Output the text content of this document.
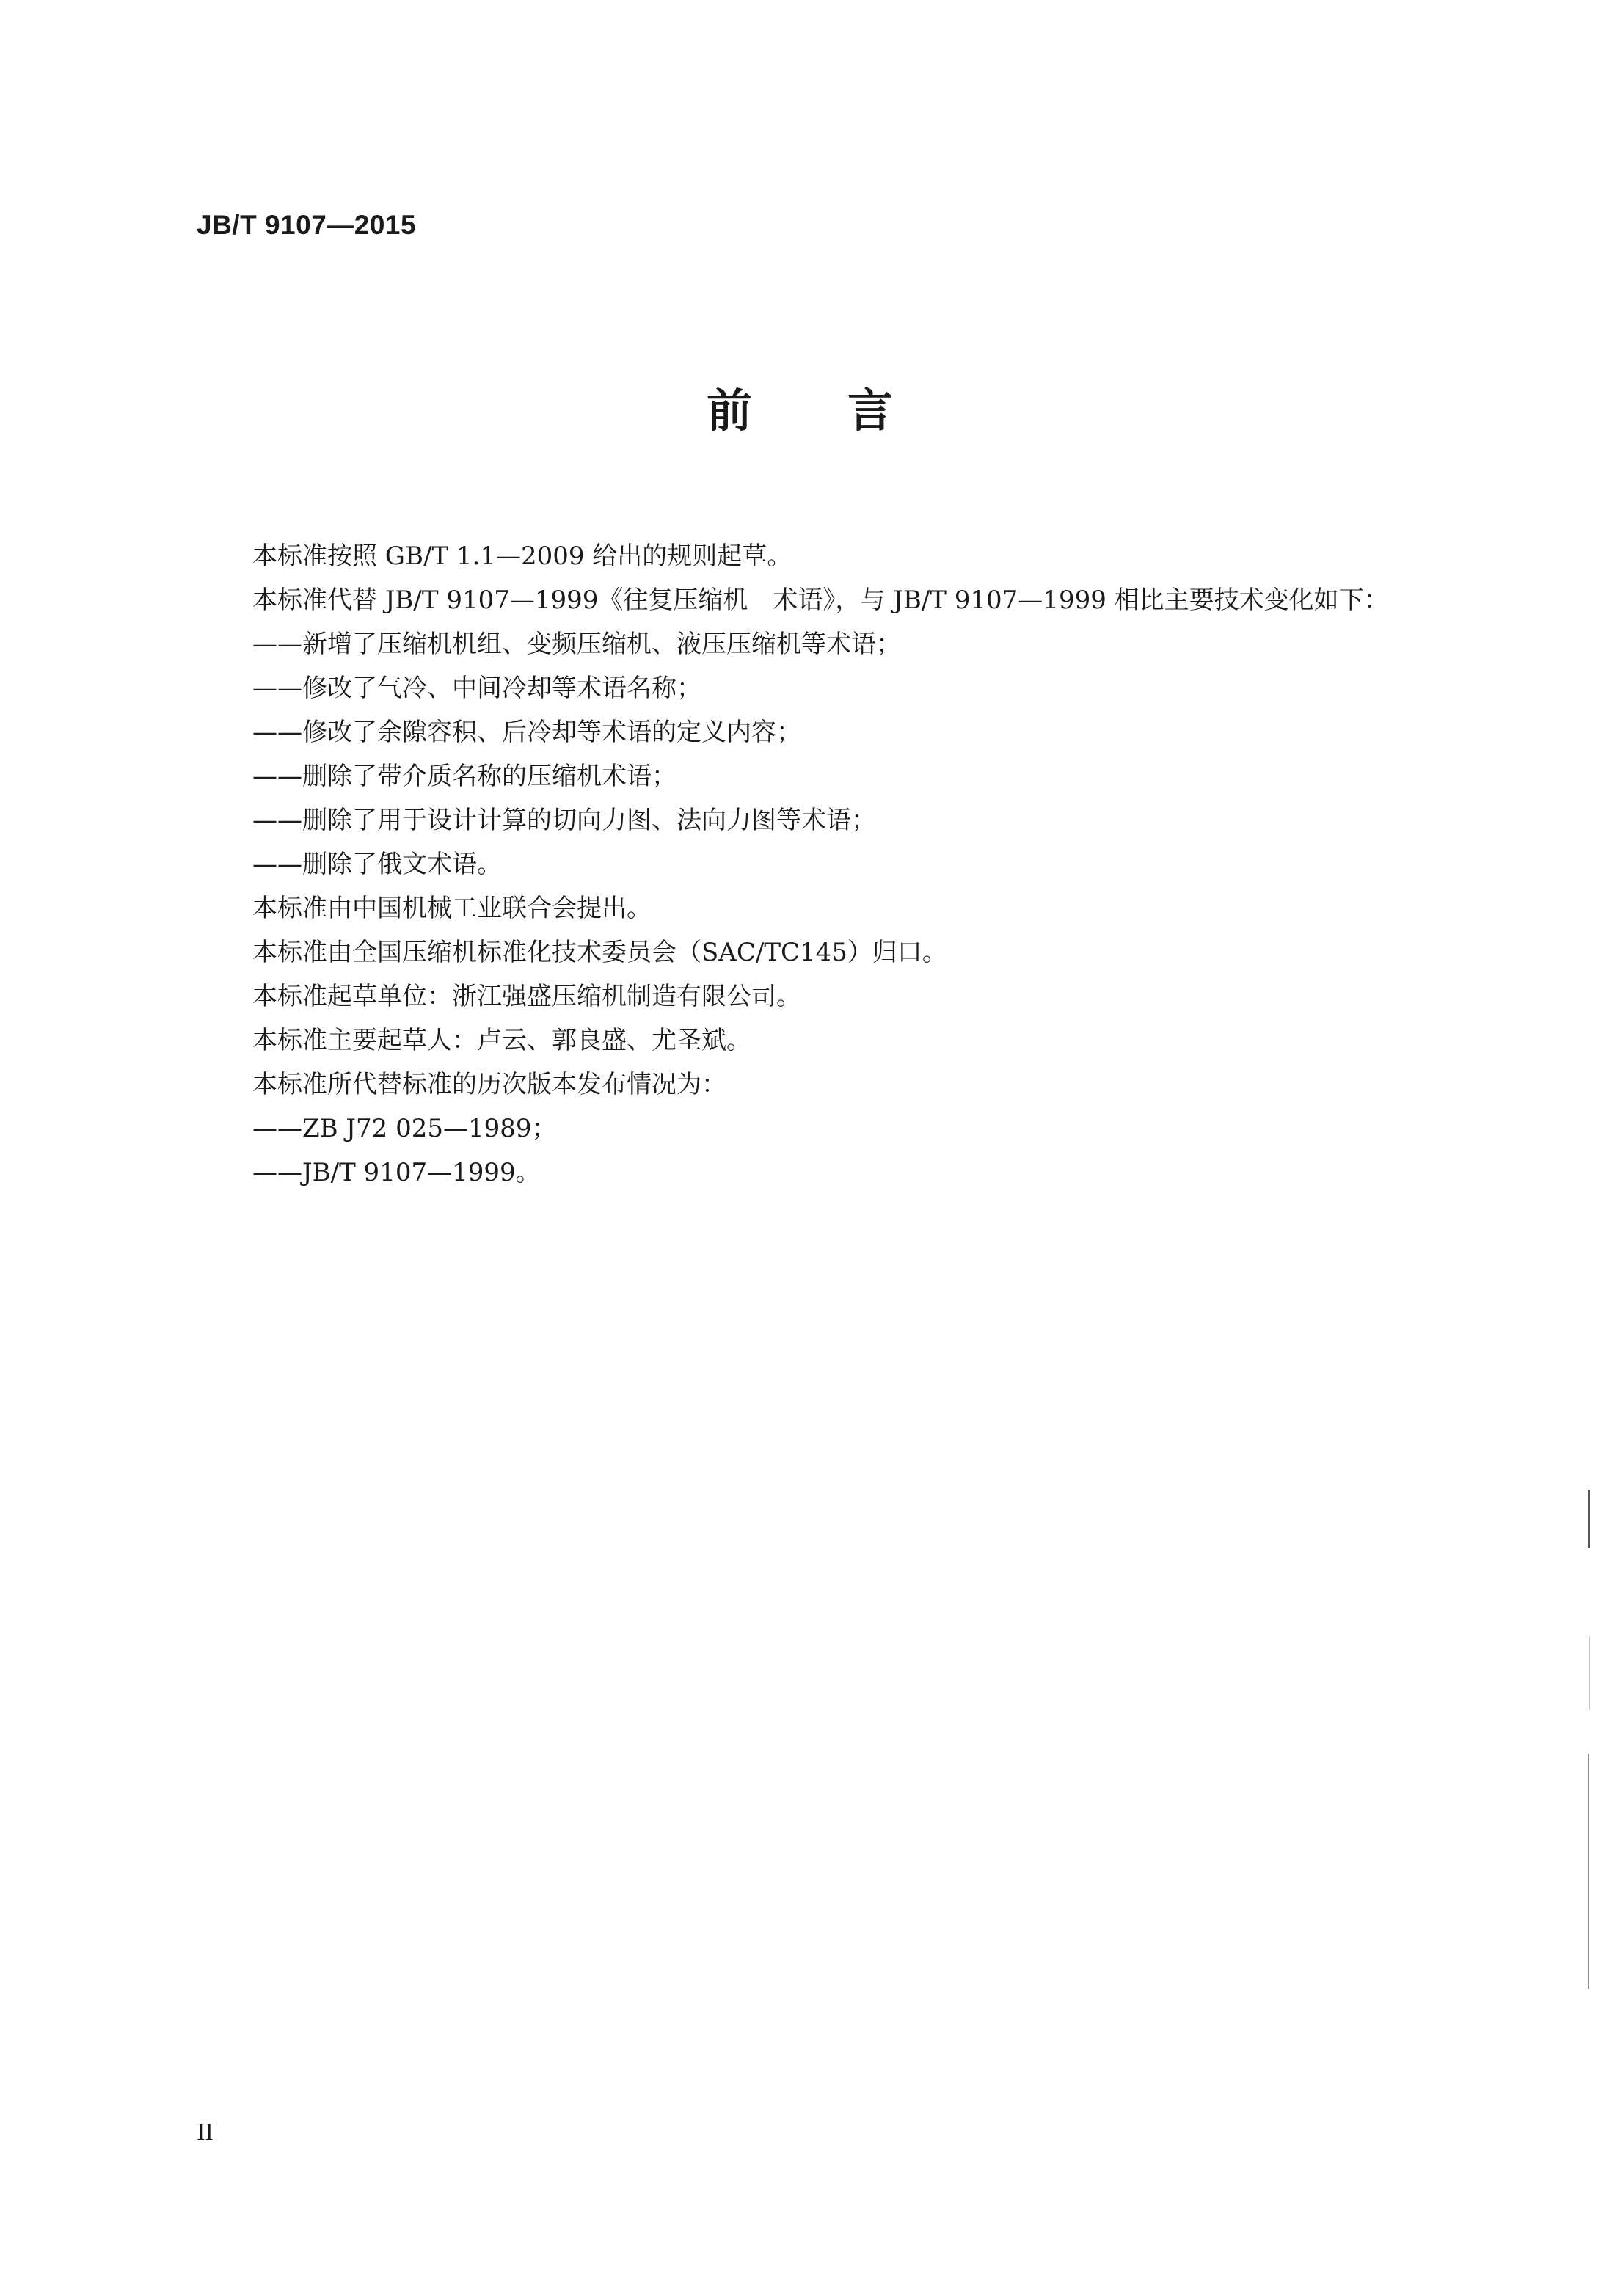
JB/T 9107—2015
前　　言

本标准按照 GB/T 1.1—2009 给出的规则起草。

本标准代替 JB/T 9107—1999《往复压缩机　术语》，与 JB/T 9107—1999 相比主要技术变化如下：

——新增了压缩机机组、变频压缩机、液压压缩机等术语；

——修改了气冷、中间冷却等术语名称；

——修改了余隙容积、后冷却等术语的定义内容；

——删除了带介质名称的压缩机术语；

——删除了用于设计计算的切向力图、法向力图等术语；

——删除了俄文术语。

本标准由中国机械工业联合会提出。

本标准由全国压缩机标准化技术委员会（SAC/TC145）归口。

本标准起草单位：浙江强盛压缩机制造有限公司。

本标准主要起草人：卢云、郭良盛、尤圣斌。

本标准所代替标准的历次版本发布情况为：

——ZB J72 025—1989；

——JB/T 9107—1999。

II
